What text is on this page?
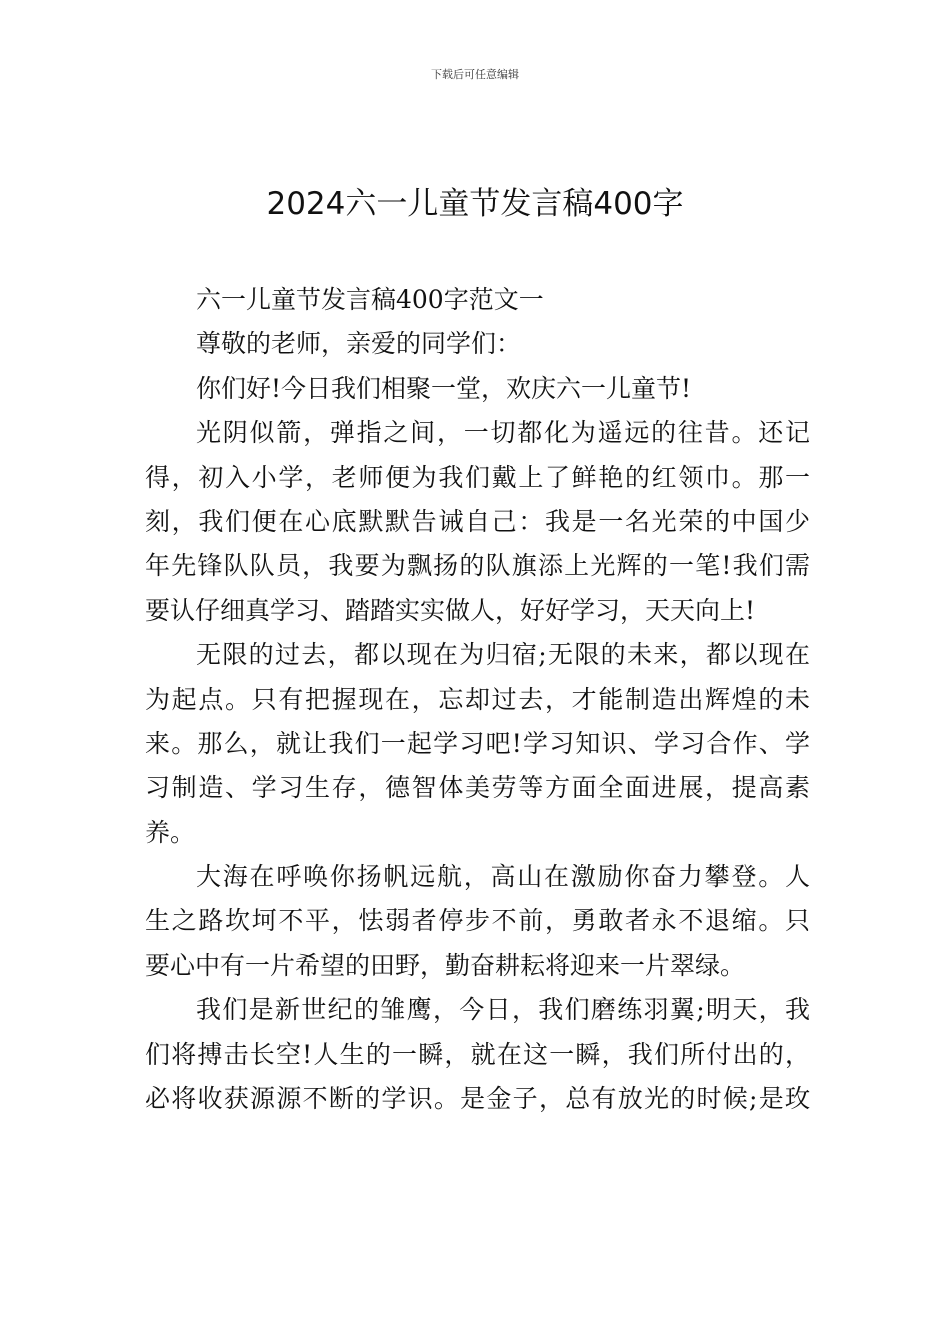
下载后可任意编辑
2024六一儿童节发言稿400字
六一儿童节发言稿400字范文一
尊敬的老师，亲爱的同学们：
你们好!今日我们相聚一堂，欢庆六一儿童节!
光阴似箭，弹指之间，一切都化为遥远的往昔。还记
得，初入小学，老师便为我们戴上了鲜艳的红领巾。那一
刻，我们便在心底默默告诫自己：我是一名光荣的中国少
年先锋队队员，我要为飘扬的队旗添上光辉的一笔!我们需
要认仔细真学习、踏踏实实做人，好好学习，天天向上!
无限的过去，都以现在为归宿;无限的未来，都以现在
为起点。只有把握现在，忘却过去，才能制造出辉煌的未
来。那么，就让我们一起学习吧!学习知识、学习合作、学
习制造、学习生存，德智体美劳等方面全面进展，提高素
养。
大海在呼唤你扬帆远航，高山在激励你奋力攀登。人
生之路坎坷不平，怯弱者停步不前，勇敢者永不退缩。只
要心中有一片希望的田野，勤奋耕耘将迎来一片翠绿。
我们是新世纪的雏鹰，今日，我们磨练羽翼;明天，我
们将搏击长空!人生的一瞬，就在这一瞬，我们所付出的，
必将收获源源不断的学识。是金子，总有放光的时候;是玫
